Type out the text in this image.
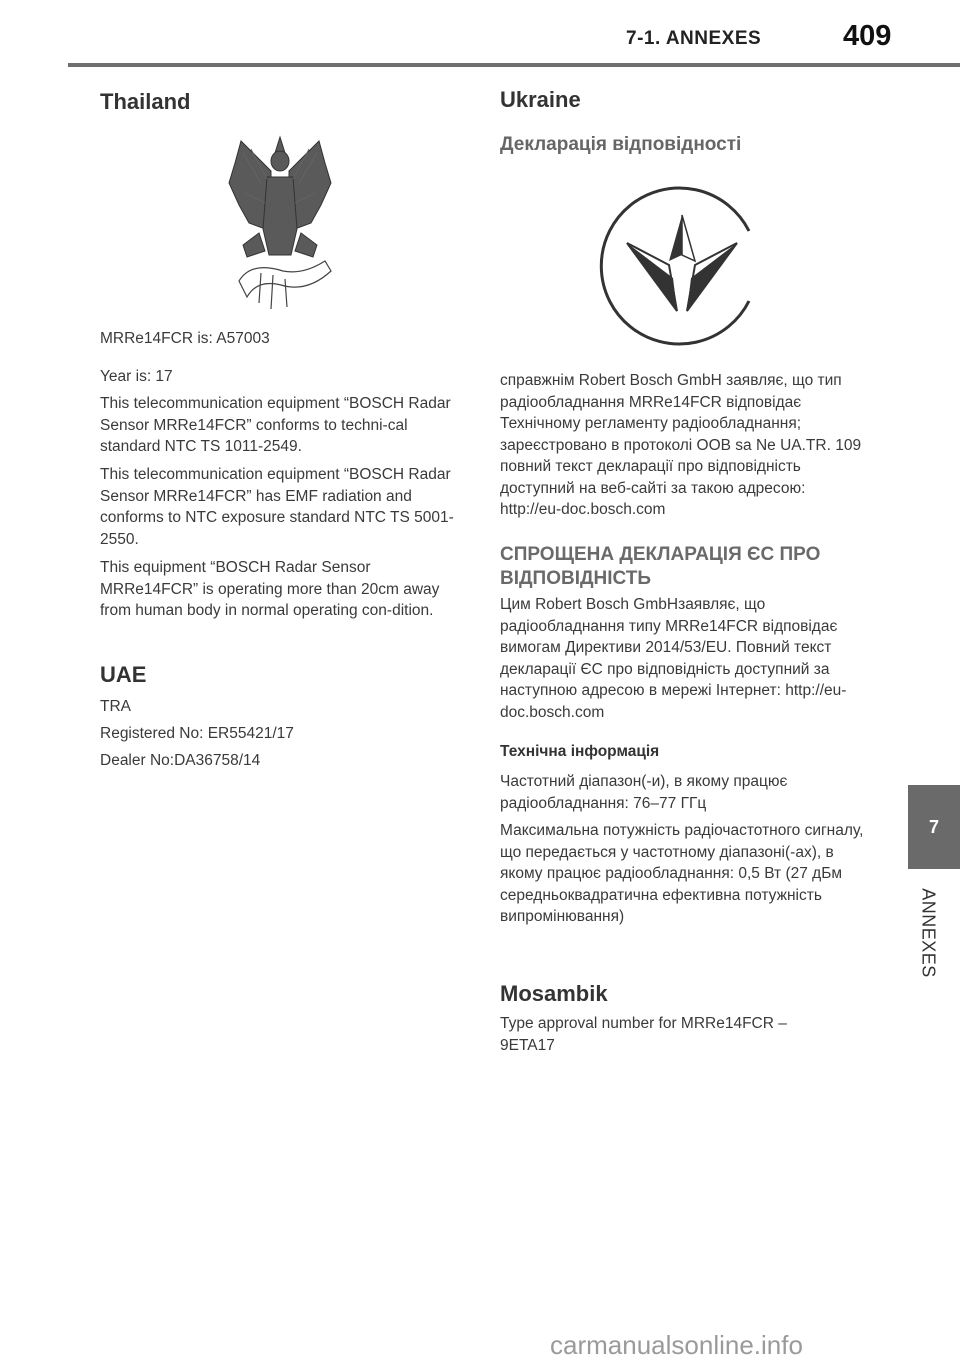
7-1. ANNEXES	409
7
ANNEXES
Thailand

MRRe14FCR is: A57003

Year is: 17

This telecommunication equipment “BOSCH Radar Sensor MRRe14FCR” conforms to techni-cal standard NTC TS 1011-2549.

This telecommunication equipment “BOSCH Radar Sensor MRRe14FCR” has EMF radiation and conforms to NTC exposure standard NTC TS 5001-2550.

This equipment “BOSCH Radar Sensor MRRe14FCR” is operating more than 20cm away from human body in normal operating con-dition.

UAE

TRA

Registered No: ER55421/17

Dealer No:DA36758/14

Ukraine
Декларація відповідності

справжнім Robert Bosch GmbH заявляє, що тип радіообладнання MRRe14FCR відповідає Технічному регламенту радіообладнання; зареєстровано в протоколі OOB sa Ne UA.TR. 109 повний текст декларації про відповідність доступний на веб-сайті за такою адресою: http://eu-doc.bosch.com

СПРОЩЕНА ДЕКЛАРАЦІЯ ЄС ПРО ВІДПОВІДНІСТЬ

Цим Robert Bosch GmbHзаявляє, що радіообладнання типу MRRe14FCR відповідає вимогам Директиви 2014/53/EU. Повний текст декларації ЄС про відповідність доступний за наступною адресою в мережі Інтернет: http://eu-doc.bosch.com

Технічна інформація

Частотний діапазон(-и), в якому працює радіообладнання: 76–77 ГГц

Максимальна потужність радіочастотного сигналу, що передається у частотному діапазоні(-ах), в якому працює радіообладнання: 0,5 Вт (27 дБм середньоквадратична ефективна потужність випромінювання)

Mosambik

Type approval number for MRRe14FCR – 9ETA17

carmanualsonline.info
